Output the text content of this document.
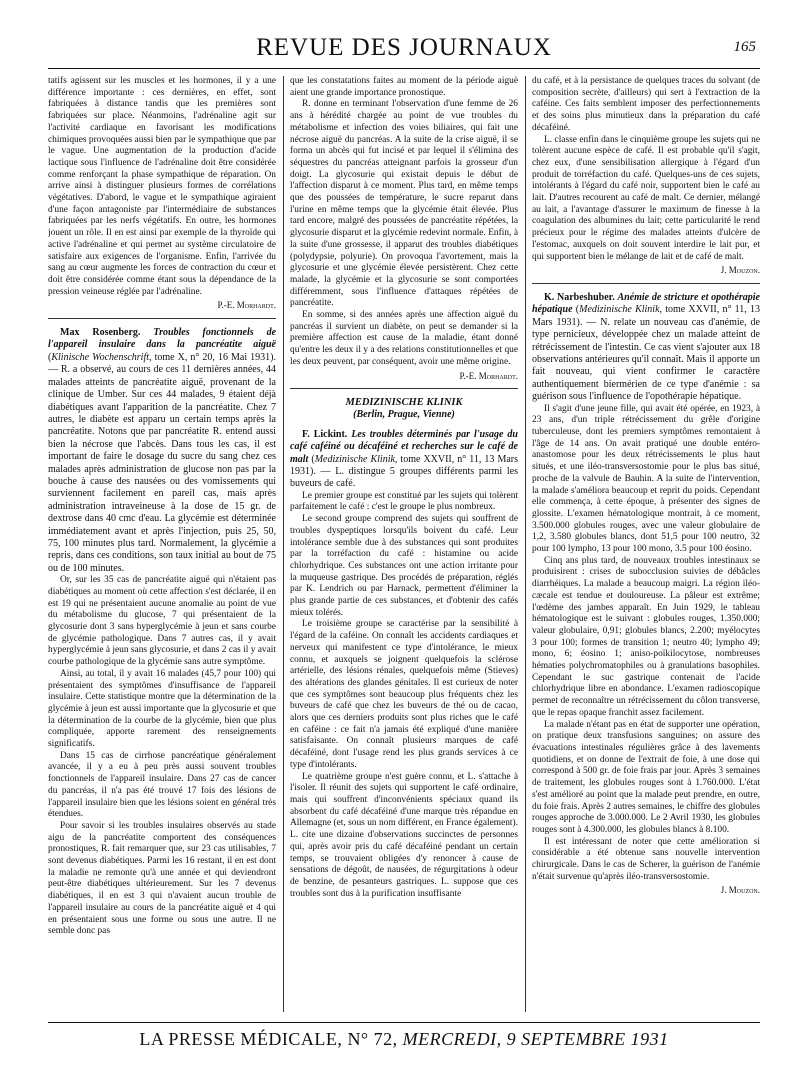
REVUE DES JOURNAUX	165

tatifs agissent sur les muscles et les hormones, il y a une différence importante : ces dernières, en effet, sont fabriquées à distance tandis que les premières sont fabriquées sur place. Néanmoins, l'adrénaline agit sur l'activité cardiaque en favorisant les modifications chimiques provoquées aussi bien par le sympathique que par le vague. Une augmentation de la production d'acide lactique sous l'influence de l'adrénaline doit être considérée comme renforçant la phase sympathique de réparation. On arrive ainsi à distinguer plusieurs formes de corrélations végétatives. D'abord, le vague et le sympathique agiraient d'une façon antagoniste par l'intermédiaire de substances fabriquées par les nerfs végétatifs. En outre, les hormones jouent un rôle. Il en est ainsi par exemple de la thyroïde qui active l'adrénaline et qui permet au système circulatoire de satisfaire aux exigences de l'organisme. Enfin, l'arrivée du sang au cœur augmente les forces de contraction du cœur et doit être considérée comme étant sous la dépendance de la pression veineuse réglée par l'adrénaline.

P.-E. Morhardt.

Max Rosenberg. Troubles fonctionnels de l'appareil insulaire dans la pancréatite aiguë (Klinische Wochenschrift, tome X, n° 20, 16 Mai 1931). — R. a observé, au cours de ces 11 dernières années, 44 malades atteints de pancréatite aiguë, provenant de la clinique de Umber. Sur ces 44 malades, 9 étaient déjà diabétiques avant l'apparition de la pancréatite. Chez 7 autres, le diabète est apparu un certain temps après la pancréatite. Notons que par pancréatite R. entend aussi bien la nécrose que l'abcès. Dans tous les cas, il est important de faire le dosage du sucre du sang chez ces malades après administration de glucose non pas par la bouche à cause des nausées ou des vomissements qui surviennent facilement en pareil cas, mais après administration intraveineuse à la dose de 15 gr. de dextrose dans 40 cmc d'eau. La glycémie est déterminée immédiatement avant et après l'injection, puis 25, 50, 75, 100 minutes plus tard. Normalement, la glycémie a repris, dans ces conditions, son taux initial au bout de 75 ou de 100 minutes.

Or, sur les 35 cas de pancréatite aiguë qui n'étaient pas diabétiques au moment où cette affection s'est déclarée, il en est 19 qui ne présentaient aucune anomalie au point de vue du métabolisme du glucose, 7 qui présentaient de la glycosurie dont 3 sans hyperglycémie à jeun et sans courbe de glycémie pathologique. Dans 7 autres cas, il y avait hyperglycémie à jeun sans glycosurie, et dans 2 cas il y avait courbe pathologique de la glycémie sans autre symptôme.

Ainsi, au total, il y avait 16 malades (45,7 pour 100) qui présentaient des symptômes d'insuffisance de l'appareil insulaire. Cette statistique montre que la détermination de la glycémie à jeun est aussi importante que la glycosurie et que la détermination de la courbe de la glycémie, bien que plus compliquée, apporte rarement des renseignements significatifs.

Dans 15 cas de cirrhose pancréatique généralement avancée, il y a eu à peu près aussi souvent troubles fonctionnels de l'appareil insulaire. Dans 27 cas de cancer du pancréas, il n'a pas été trouvé 17 fois des lésions de l'appareil insulaire bien que les lésions soient en général très étendues.

Pour savoir si les troubles insulaires observés au stade aigu de la pancréatite comportent des conséquences pronostiques, R. fait remarquer que, sur 23 cas utilisables, 7 sont devenus diabétiques. Parmi les 16 restant, il en est dont la maladie ne remonte qu'à une année et qui deviendront peut-être diabétiques ultérieurement. Sur les 7 devenus diabétiques, il en est 3 qui n'avaient aucun trouble de l'appareil insulaire au cours de la pancréatite aiguë et 4 qui en présentaient sous une forme ou sous une autre. Il ne semble donc pas

que les constatations faites au moment de la période aiguë aient une grande importance pronostique.

R. donne en terminant l'observation d'une femme de 26 ans à hérédité chargée au point de vue troubles du métabolisme et infection des voies biliaires, qui fait une nécrose aiguë du pancréas. A la suite de la crise aiguë, il se forma un abcès qui fut incisé et par lequel il s'élimina des séquestres du pancréas atteignant parfois la grosseur d'un doigt. La glycosurie qui existait depuis le début de l'affection disparut à ce moment. Plus tard, en même temps que des poussées de température, le sucre reparut dans l'urine en même temps que la glycémie était élevée. Plus tard encore, malgré des poussées de pancréatite répétées, la glycosurie disparut et la glycémie redevint normale. Enfin, à la suite d'une grossesse, il apparut des troubles diabétiques (polydypsie, polyurie). On provoqua l'avortement, mais la glycosurie et une glycémie élevée persistèrent. Chez cette malade, la glycémie et la glycosurie se sont comportées différemment, sous l'influence d'attaques répétées de pancréatite.

En somme, si des années après une affection aiguë du pancréas il survient un diabète, on peut se demander si la première affection est cause de la maladie, étant donné qu'entre les deux il y a des relations constitutionnelles et que les deux peuvent, par conséquent, avoir une même origine.

P.-E. Morhardt.

MEDIZINISCHE KLINIK
(Berlin, Prague, Vienne)

F. Lickint. Les troubles déterminés par l'usage du café caféiné ou décaféiné et recherches sur le café de malt (Medizinische Klinik, tome XXVII, n° 11, 13 Mars 1931). — L. distingue 5 groupes différents parmi les buveurs de café.

Le premier groupe est constitué par les sujets qui tolèrent parfaitement le café : c'est le groupe le plus nombreux.

Le second groupe comprend des sujets qui souffrent de troubles dyspeptiques lorsqu'ils boivent du café. Leur intolérance semble due à des substances qui sont produites par la torréfaction du café : histamine ou acide chlorhydrique. Ces substances ont une action irritante pour la muqueuse gastrique. Des procédés de préparation, réglés par K. Lendrich ou par Harnack, permettent d'éliminer la plus grande partie de ces substances, et d'obtenir des cafés mieux tolérés.

Le troisième groupe se caractérise par la sensibilité à l'égard de la caféine. On connaît les accidents cardiaques et nerveux qui manifestent ce type d'intolérance, le mieux connu, et auxquels se joignent quelquefois la sclérose artérielle, des lésions rénales, quelquefois même (Stieves) des altérations des glandes génitales. Il est curieux de noter que ces symptômes sont beaucoup plus fréquents chez les buveurs de café que chez les buveurs de thé ou de cacao, alors que ces derniers produits sont plus riches que le café en caféine : ce fait n'a jamais été expliqué d'une manière satisfaisante. On connaît plusieurs marques de café décaféiné, dont l'usage rend les plus grands services à ce type d'intolérants.

Le quatrième groupe n'est guère connu, et L. s'attache à l'isoler. Il réunit des sujets qui supportent le café ordinaire, mais qui souffrent d'inconvénients spéciaux quand ils absorbent du café décaféiné d'une marque très répandue en Allemagne (et, sous un nom différent, en France également). L. cite une dizaine d'observations succinctes de personnes qui, après avoir pris du café décaféiné pendant un certain temps, se trouvaient obligées d'y renoncer à cause de sensations de dégoût, de nausées, de régurgitations à odeur de benzine, de pesanteurs gastriques. L. suppose que ces troubles sont dus à la purification insuffisante

du café, et à la persistance de quelques traces du solvant (de composition secrète, d'ailleurs) qui sert à l'extraction de la caféine. Ces faits semblent imposer des perfectionnements et des soins plus minutieux dans la préparation du café décaféiné.

L. classe enfin dans le cinquième groupe les sujets qui ne tolèrent aucune espèce de café. Il est probable qu'il s'agit, chez eux, d'une sensibilisation allergique à l'égard d'un produit de torréfaction du café. Quelques-uns de ces sujets, intolérants à l'égard du café noir, supportent bien le café au lait. D'autres recourent au café de malt. Ce dernier, mélangé au lait, a l'avantage d'assurer le maximum de finesse à la coagulation des albumines du lait; cette particularité le rend précieux pour le régime des malades atteints d'ulcère de l'estomac, auxquels on doit souvent interdire le lait pur, et qui supportent bien le mélange de lait et de café de malt.

J. Mouzon.

K. Narbeshuber. Anémie de stricture et opothérapie hépatique (Medizinische Klinik, tome XXVII, n° 11, 13 Mars 1931). — N. relate un nouveau cas d'anémie, de type pernicieux, développée chez un malade atteint de rétrécissement de l'intestin. Ce cas vient s'ajouter aux 18 observations antérieures qu'il connaît. Mais il apporte un fait nouveau, qui vient confirmer le caractère authentiquement biermérien de ce type d'anémie : sa guérison sous l'influence de l'opothérapie hépatique.

Il s'agit d'une jeune fille, qui avait été opérée, en 1923, à 23 ans, d'un triple rétrécissement du grêle d'origine tuberculeuse, dont les premiers symptômes remontaient à l'âge de 14 ans. On avait pratiqué une double entéro-anastomose pour les deux rétrécissements le plus haut situés, et une iléo-transversostomie pour le plus bas situé, proche de la valvule de Bauhin. A la suite de l'intervention, la malade s'améliora beaucoup et reprit du poids. Cependant elle commença, à cette époque, à présenter des signes de glossite. L'examen hématologique montrait, à ce moment, 3.500.000 globules rouges, avec une valeur globulaire de 1,2, 3.580 globules blancs, dont 51,5 pour 100 neutro, 32 pour 100 lympho, 13 pour 100 mono, 3.5 pour 100 éosino.

Cinq ans plus tard, de nouveaux troubles intestinaux se produisirent : crises de subocclusion suivies de débâcles diarrhéiques. La malade a beaucoup maigri. La région iléo-cæcale est tendue et douloureuse. La pâleur est extrême; l'œdème des jambes apparaît. En Juin 1929, le tableau hématologique est le suivant : globules rouges, 1.350.000; valeur globulaire, 0,91; globules blancs, 2.200; myélocytes 3 pour 100; formes de transition 1; neutro 40; lympho 49; mono, 6; éosino 1; aniso-poïkilocytose, nombreuses hématies polychromatophiles ou à granulations basophiles. Cependant le suc gastrique contenait de l'acide chlorhydrique libre en abondance. L'examen radioscopique permet de reconnaître un rétrécissement du côlon transverse, que le repas opaque franchit assez facilement.

La malade n'étant pas en état de supporter une opération, on pratique deux transfusions sanguines; on assure des évacuations intestinales régulières grâce à des lavements quotidiens, et on donne de l'extrait de foie, à une dose qui correspond à 500 gr. de foie frais par jour. Après 3 semaines de traitement, les globules rouges sont à 1.760.000. L'état s'est amélioré au point que la malade peut prendre, en outre, du foie frais. Après 2 autres semaines, le chiffre des globules rouges approche de 3.000.000. Le 2 Avril 1930, les globules rouges sont à 4.300.000, les globules blancs à 8.100.

Il est intéressant de noter que cette amélioration si considérable a été obtenue sans nouvelle intervention chirurgicale. Dans le cas de Scherer, la guérison de l'anémie n'était survenue qu'après iléo-transversostomie.

J. Mouzon.

LA PRESSE MÉDICALE, N° 72, MERCREDI, 9 SEPTEMBRE 1931
